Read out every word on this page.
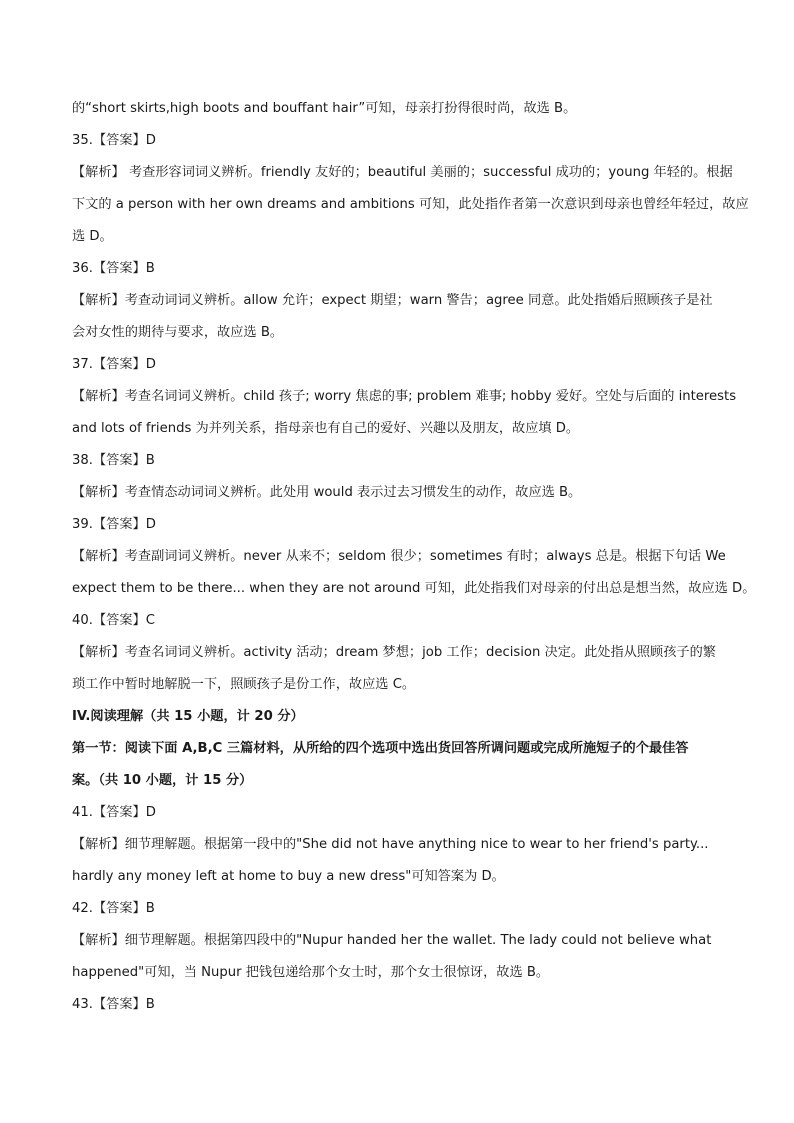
的“short skirts,high boots and bouffant hair”可知，母亲打扮得很时尚，故选 B。
35.【答案】D
【解析】 考查形容词词义辨析。friendly 友好的；beautiful 美丽的；successful 成功的；young 年轻的。根据
下文的 a person with her own dreams and ambitions 可知，此处指作者第一次意识到母亲也曾经年轻过，故应
选 D。
36.【答案】B
【解析】考查动词词义辨析。allow 允许；expect 期望；warn 警告；agree 同意。此处指婚后照顾孩子是社
会对女性的期待与要求，故应选 B。
37.【答案】D
【解析】考查名词词义辨析。child 孩子; worry 焦虑的事; problem 难事; hobby 爱好。空处与后面的 interests
and lots of friends 为并列关系，指母亲也有自己的爱好、兴趣以及朋友，故应填 D。
38.【答案】B
【解析】考查情态动词词义辨析。此处用 would 表示过去习惯发生的动作，故应选 B。
39.【答案】D
【解析】考查副词词义辨析。never 从来不；seldom 很少；sometimes 有时；always 总是。根据下句话 We
expect them to be there... when they are not around 可知，此处指我们对母亲的付出总是想当然，故应选 D。
40.【答案】C
【解析】考查名词词义辨析。activity 活动；dream 梦想；job 工作；decision 决定。此处指从照顾孩子的繁
琐工作中暂时地解脱一下，照顾孩子是份工作，故应选 C。
IV.阅读理解（共 15 小题，计 20 分）
第一节：阅读下面 A,B,C 三篇材料，从所给的四个选项中选出货回答所调问题或完成所施短子的个最佳答
案。（共 10 小题，计 15 分）
41.【答案】D
【解析】细节理解题。根据第一段中的"She did not have anything nice to wear to her friend's party...
hardly any money left at home to buy a new dress"可知答案为 D。
42.【答案】B
【解析】细节理解题。根据第四段中的"Nupur handed her the wallet. The lady could not believe what
happened"可知，当 Nupur 把钱包递给那个女士时，那个女士很惊讶，故选 B。
43.【答案】B
